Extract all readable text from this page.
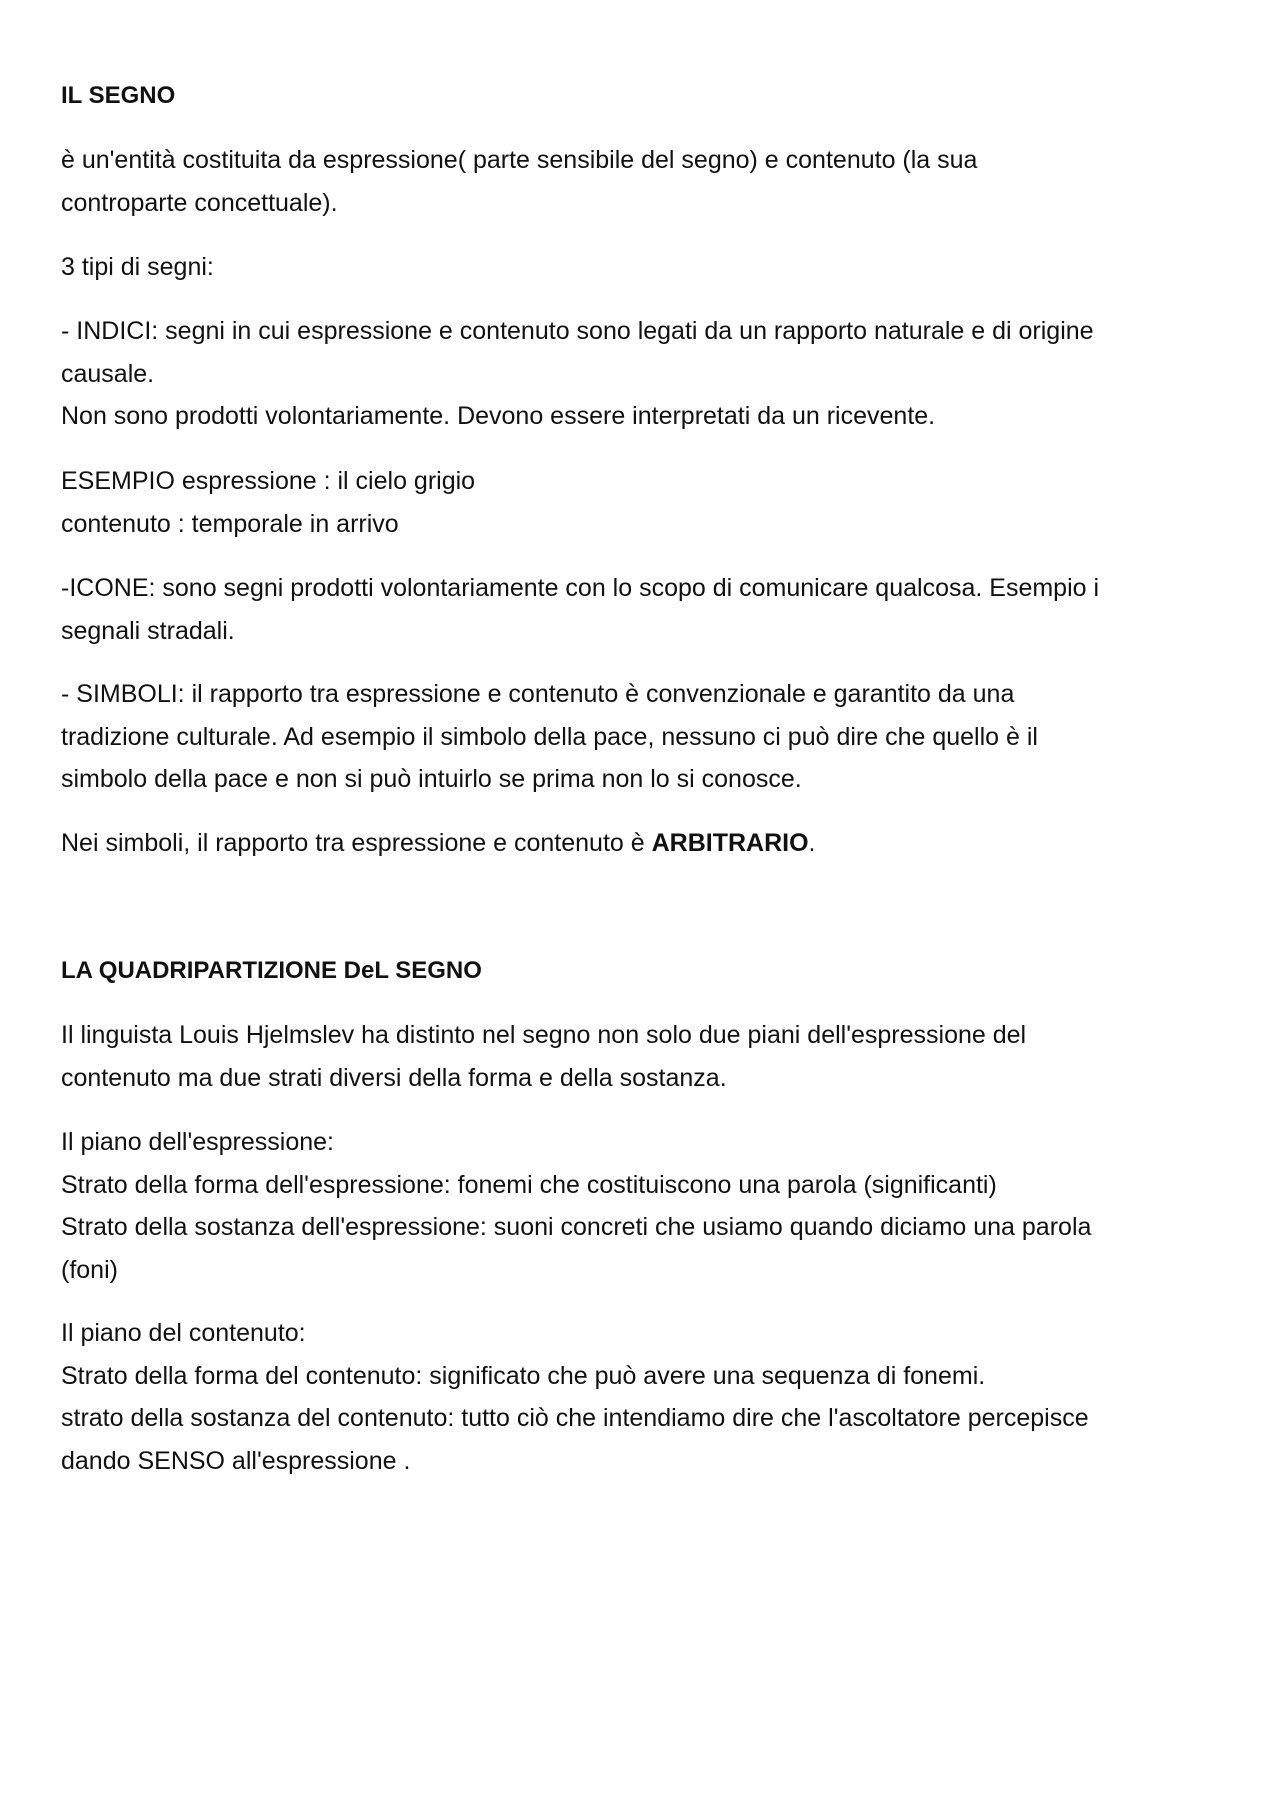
IL SEGNO

è un'entità costituita da espressione( parte sensibile del segno) e contenuto (la sua
controparte concettuale).

3 tipi di segni:

- INDICI: segni in cui espressione e contenuto sono legati da un rapporto naturale e di origine
causale.
Non sono prodotti volontariamente. Devono essere interpretati da un ricevente.

ESEMPIO espressione : il cielo grigio
contenuto : temporale in arrivo

-ICONE: sono segni prodotti volontariamente con lo scopo di comunicare qualcosa. Esempio i
segnali stradali.

- SIMBOLI: il rapporto tra espressione e contenuto è convenzionale e garantito da una
tradizione culturale. Ad esempio il simbolo della pace, nessuno ci può dire che quello è il
simbolo della pace e non si può intuirlo se prima non lo si conosce.

Nei simboli, il rapporto tra espressione e contenuto è ARBITRARIO.

LA QUADRIPARTIZIONE DeL SEGNO

Il linguista Louis Hjelmslev ha distinto nel segno non solo due piani dell'espressione del
contenuto ma due strati diversi della forma e della sostanza.

Il piano dell'espressione:
Strato della forma dell'espressione: fonemi che costituiscono una parola (significanti)
Strato della sostanza dell'espressione: suoni concreti che usiamo quando diciamo una parola
(foni)

Il piano del contenuto:
Strato della forma del contenuto: significato che può avere una sequenza di fonemi.
strato della sostanza del contenuto: tutto ciò che intendiamo dire che l'ascoltatore percepisce
dando SENSO all'espressione .
